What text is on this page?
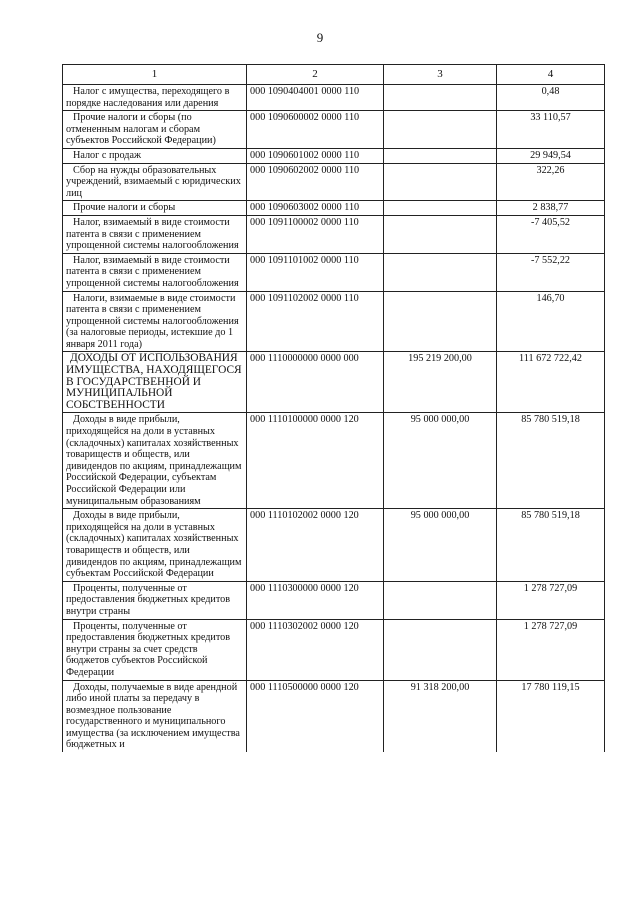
9
1	2	3	4
Налог с имущества, переходящего в порядке наследования или дарения	000 1090404001 0000 110		0,48
Прочие налоги и сборы (по отмененным налогам и сборам субъектов Российской Федерации)	000 1090600002 0000 110		33 110,57
Налог с продаж	000 1090601002 0000 110		29 949,54
Сбор на нужды образовательных учреждений, взимаемый с юридических лиц	000 1090602002 0000 110		322,26
Прочие налоги и сборы	000 1090603002 0000 110		2 838,77
Налог, взимаемый в виде стоимости патента в связи с применением упрощенной системы налогообложения	000 1091100002 0000 110		-7 405,52
Налог, взимаемый в виде стоимости патента в связи с применением упрощенной системы налогообложения	000 1091101002 0000 110		-7 552,22
Налоги, взимаемые в виде стоимости патента в связи с применением упрощенной системы налогообложения (за налоговые периоды, истекшие до 1 января 2011 года)	000 1091102002 0000 110		146,70
ДОХОДЫ ОТ ИСПОЛЬЗОВАНИЯ ИМУЩЕСТВА, НАХОДЯЩЕГОСЯ В ГОСУДАРСТВЕННОЙ И МУНИЦИПАЛЬНОЙ СОБСТВЕННОСТИ	000 1110000000 0000 000	195 219 200,00	111 672 722,42
Доходы в виде прибыли, приходящейся на доли в уставных (складочных) капиталах хозяйственных товариществ и обществ, или дивидендов по акциям, принадлежащим Российской Федерации, субъектам Российской Федерации или муниципальным образованиям	000 1110100000 0000 120	95 000 000,00	85 780 519,18
Доходы в виде прибыли, приходящейся на доли в уставных (складочных) капиталах хозяйственных товариществ и обществ, или дивидендов по акциям, принадлежащим субъектам Российской Федерации	000 1110102002 0000 120	95 000 000,00	85 780 519,18
Проценты, полученные от предоставления бюджетных кредитов внутри страны	000 1110300000 0000 120		1 278 727,09
Проценты, полученные от предоставления бюджетных кредитов внутри страны за счет средств бюджетов субъектов Российской Федерации	000 1110302002 0000 120		1 278 727,09
Доходы, получаемые в виде арендной либо иной платы за передачу в возмездное пользование государственного и муниципального имущества (за исключением имущества бюджетных и	000 1110500000 0000 120	91 318 200,00	17 780 119,15
